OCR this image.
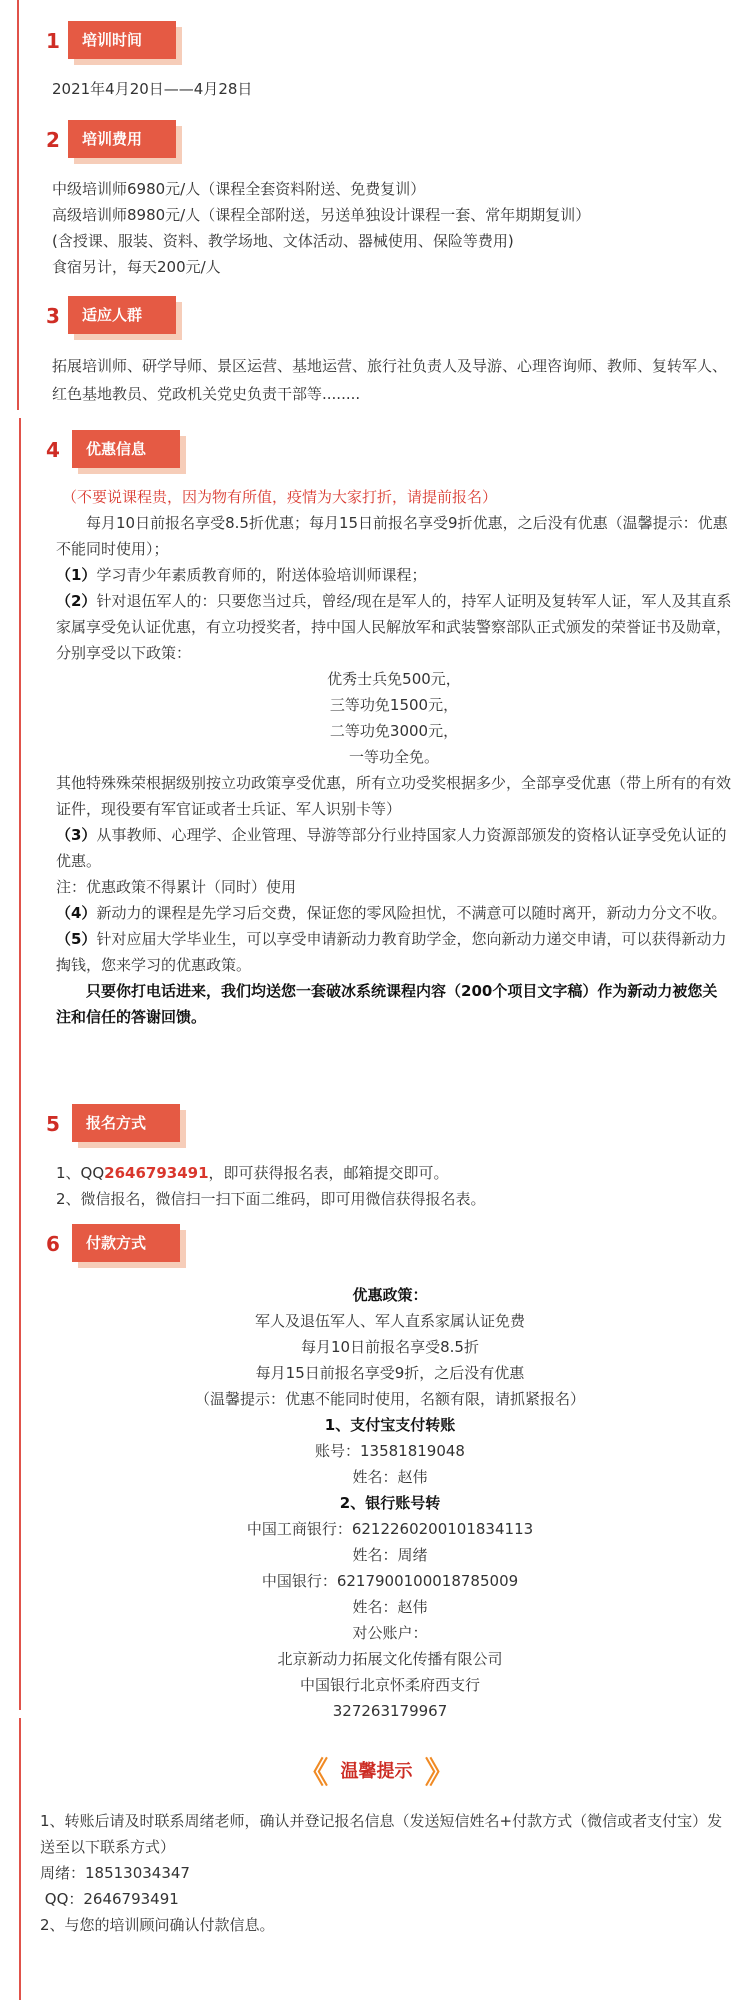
1	培训时间
2021年4月20日——4月28日
2	培训费用

中级培训师6980元/人（课程全套资料附送、免费复训）

高级培训师8980元/人（课程全部附送，另送单独设计课程一套、常年期期复训）

(含授课、服装、资料、教学场地、文体活动、器械使用、保险等费用)

食宿另计，每天200元/人

3	适应人群
拓展培训师、研学导师、景区运营、基地运营、旅行社负责人及导游、心理咨询师、教师、复转军人、红色基地教员、党政机关党史负责干部等........
4	优惠信息

（不要说课程贵，因为物有所值，疫情为大家打折，请提前报名）

每月10日前报名享受8.5折优惠；每月15日前报名享受9折优惠，之后没有优惠（温馨提示：优惠不能同时使用）；

（1）学习青少年素质教育师的，附送体验培训师课程；

（2）针对退伍军人的：只要您当过兵，曾经/现在是军人的，持军人证明及复转军人证，军人及其直系家属享受免认证优惠，有立功授奖者，持中国人民解放军和武装警察部队正式颁发的荣誉证书及勋章，分别享受以下政策：

优秀士兵免500元，

三等功免1500元，

二等功免3000元，

一等功全免。

其他特殊殊荣根据级别按立功政策享受优惠，所有立功受奖根据多少，全部享受优惠（带上所有的有效证件，现役要有军官证或者士兵证、军人识别卡等）

（3）从事教师、心理学、企业管理、导游等部分行业持国家人力资源部颁发的资格认证享受免认证的优惠。

注：优惠政策不得累计（同时）使用

（4）新动力的课程是先学习后交费，保证您的零风险担忧，不满意可以随时离开，新动力分文不收。

（5）针对应届大学毕业生，可以享受申请新动力教育助学金，您向新动力递交申请，可以获得新动力掏钱，您来学习的优惠政策。

只要你打电话进来，我们均送您一套破冰系统课程内容（200个项目文字稿）作为新动力被您关注和信任的答谢回馈。

5	报名方式

1、QQ2646793491，即可获得报名表，邮箱提交即可。

2、微信报名，微信扫一扫下面二维码，即可用微信获得报名表。

6	付款方式

优惠政策：

军人及退伍军人、军人直系家属认证免费

每月10日前报名享受8.5折

每月15日前报名享受9折，之后没有优惠

（温馨提示：优惠不能同时使用，名额有限，请抓紧报名）

1、支付宝支付转账

账号：13581819048

姓名：赵伟

2、银行账号转

中国工商银行：6212260200101834113

姓名：周绪

中国银行：6217900100018785009

姓名：赵伟

对公账户：

北京新动力拓展文化传播有限公司

中国银行北京怀柔府西支行

327263179967

《 温馨提示 》

1、转账后请及时联系周绪老师，确认并登记报名信息（发送短信姓名+付款方式（微信或者支付宝）发送至以下联系方式）

周绪：18513034347

QQ：2646793491

2、与您的培训顾问确认付款信息。
